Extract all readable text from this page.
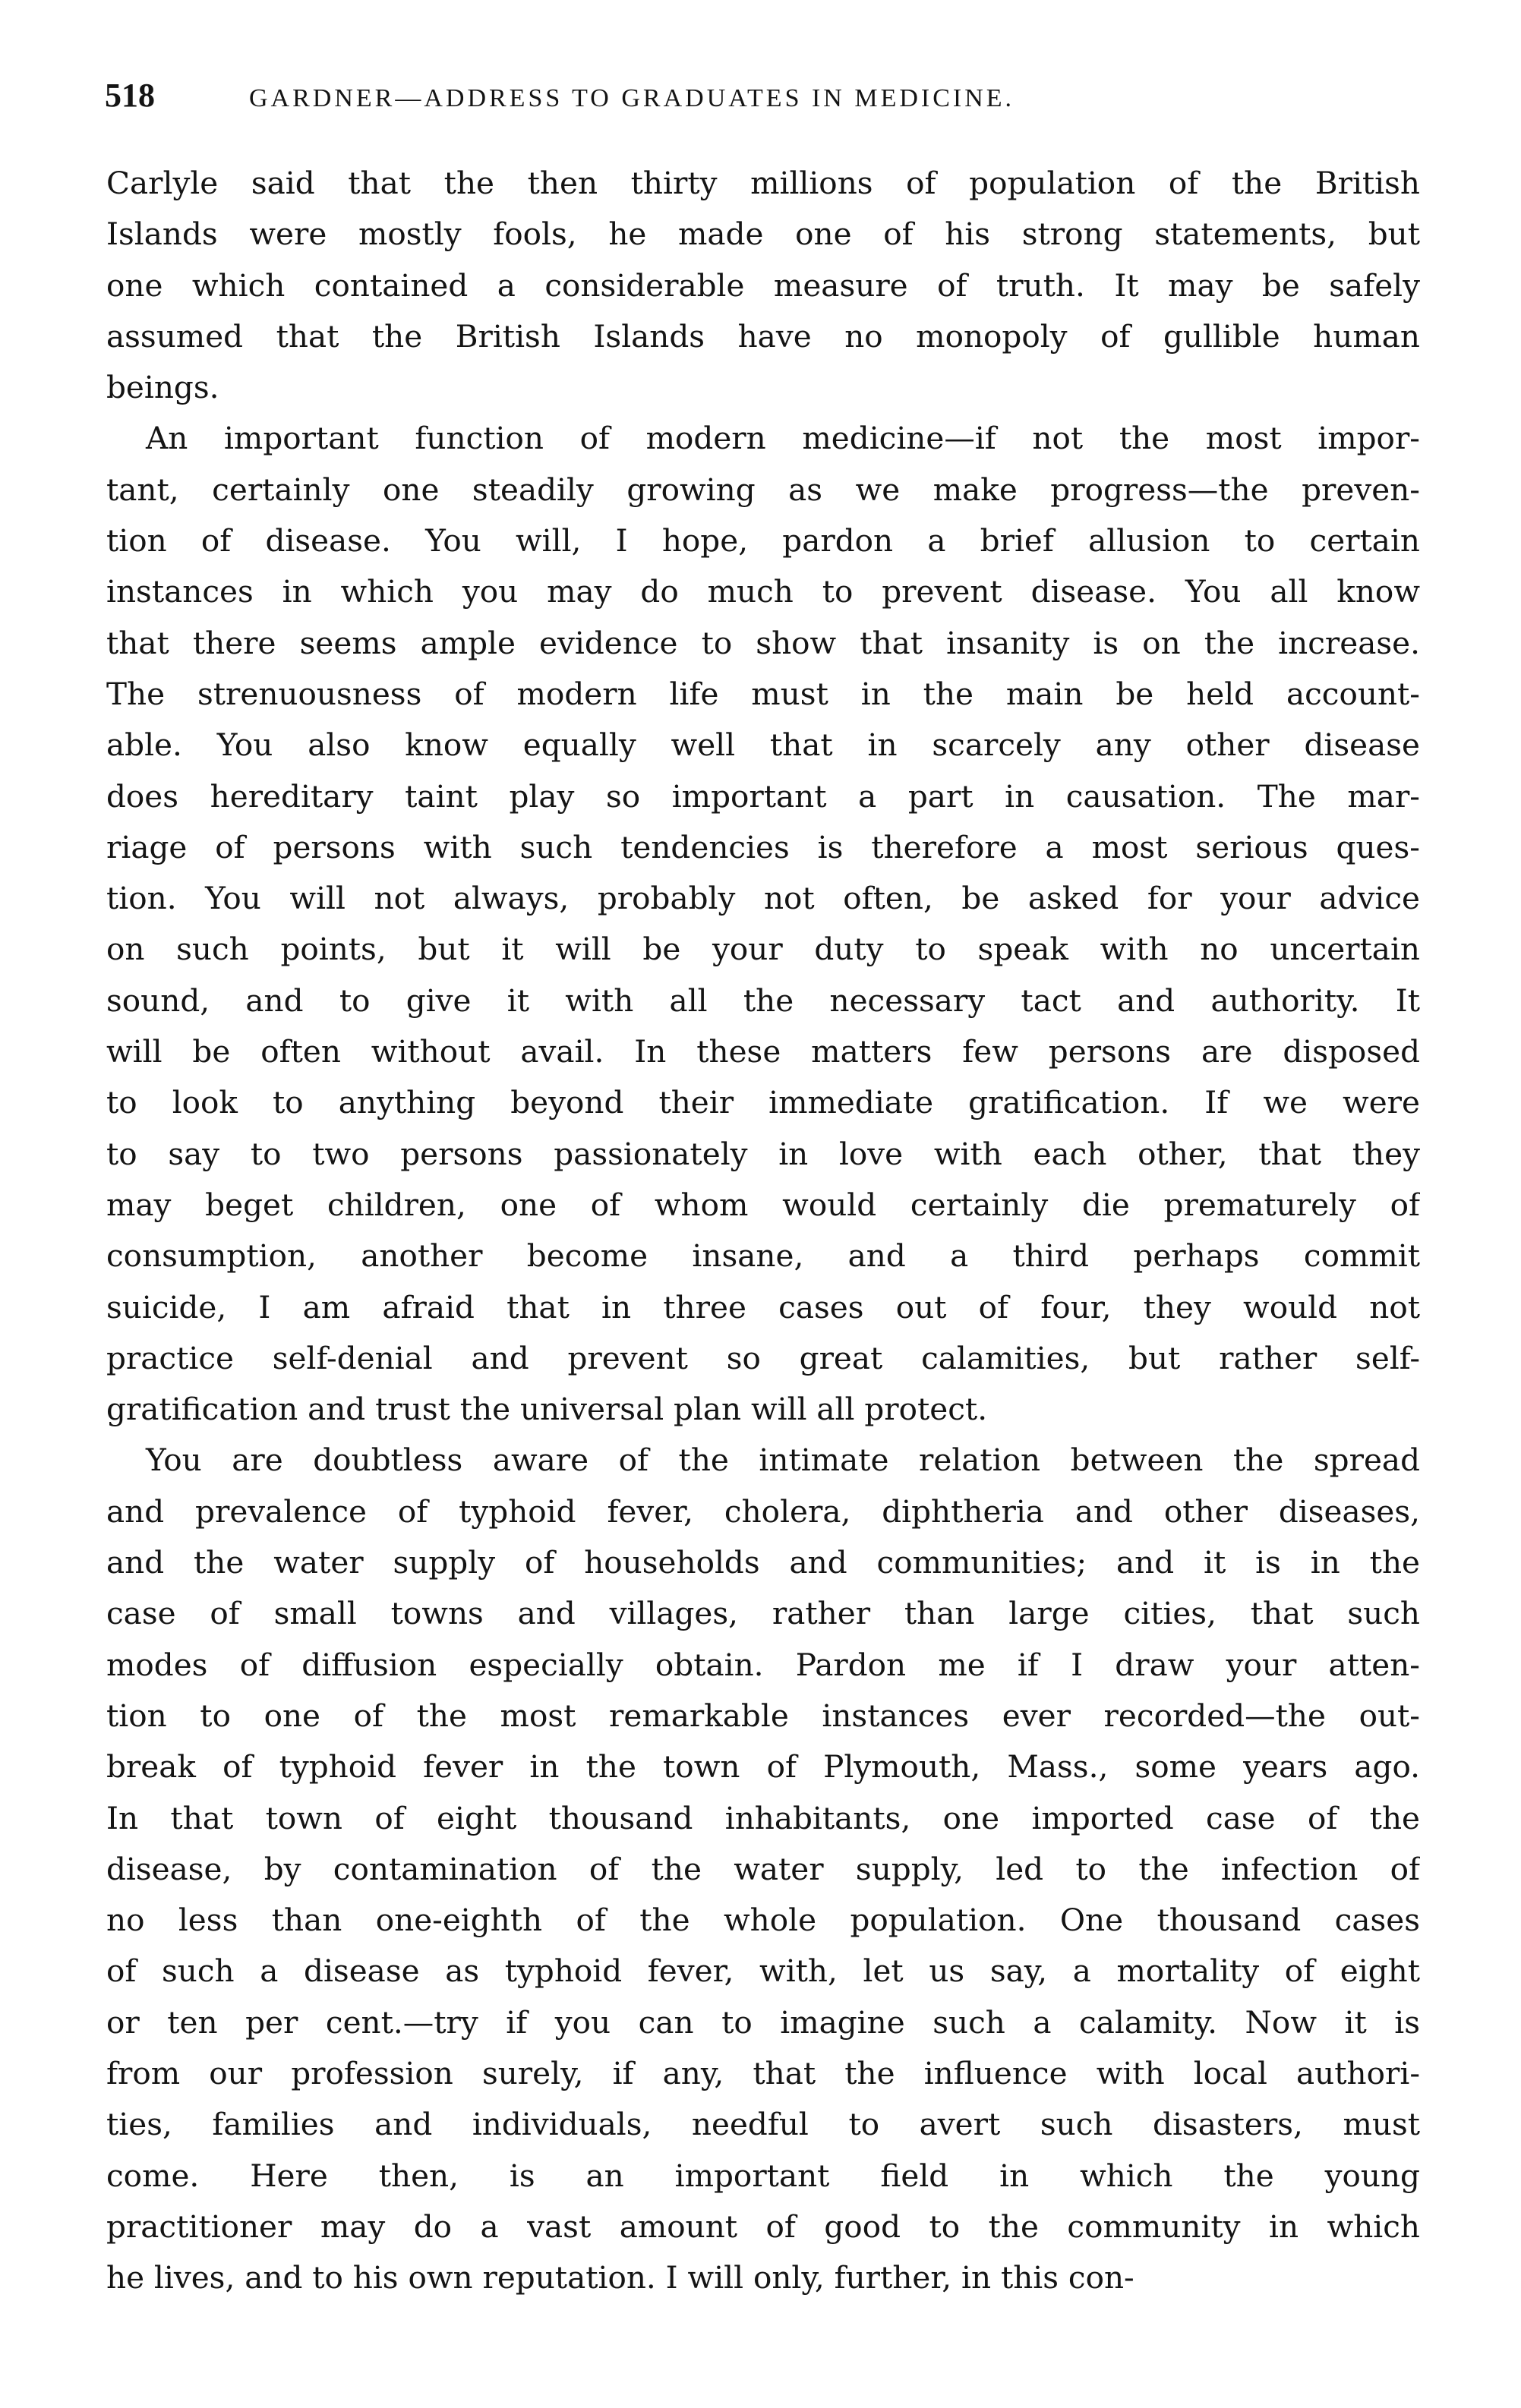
518	GARDNER—ADDRESS TO GRADUATES IN MEDICINE.
Carlyle said that the then thirty millions of population of the British
Islands were mostly fools, he made one of his strong statements, but
one which contained a considerable measure of truth. It may be safely
assumed that the British Islands have no monopoly of gullible human
beings.
An important function of modern medicine—if not the most impor-
tant, certainly one steadily growing as we make progress—the preven-
tion of disease. You will, I hope, pardon a brief allusion to certain
instances in which you may do much to prevent disease. You all know
that there seems ample evidence to show that insanity is on the increase.
The strenuousness of modern life must in the main be held account-
able. You also know equally well that in scarcely any other disease
does hereditary taint play so important a part in causation. The mar-
riage of persons with such tendencies is therefore a most serious ques-
tion. You will not always, probably not often, be asked for your advice
on such points, but it will be your duty to speak with no uncertain
sound, and to give it with all the necessary tact and authority. It
will be often without avail. In these matters few persons are disposed
to look to anything beyond their immediate gratification. If we were
to say to two persons passionately in love with each other, that they
may beget children, one of whom would certainly die prematurely of
consumption, another become insane, and a third perhaps commit
suicide, I am afraid that in three cases out of four, they would not
practice self-denial and prevent so great calamities, but rather self-
gratification and trust the universal plan will all protect.
You are doubtless aware of the intimate relation between the spread
and prevalence of typhoid fever, cholera, diphtheria and other diseases,
and the water supply of households and communities; and it is in the
case of small towns and villages, rather than large cities, that such
modes of diffusion especially obtain. Pardon me if I draw your atten-
tion to one of the most remarkable instances ever recorded—the out-
break of typhoid fever in the town of Plymouth, Mass., some years ago.
In that town of eight thousand inhabitants, one imported case of the
disease, by contamination of the water supply, led to the infection of
no less than one-eighth of the whole population. One thousand cases
of such a disease as typhoid fever, with, let us say, a mortality of eight
or ten per cent.—try if you can to imagine such a calamity. Now it is
from our profession surely, if any, that the influence with local authori-
ties, families and individuals, needful to avert such disasters, must
come. Here then, is an important field in which the young
practitioner may do a vast amount of good to the community in which
he lives, and to his own reputation. I will only, further, in this con-
